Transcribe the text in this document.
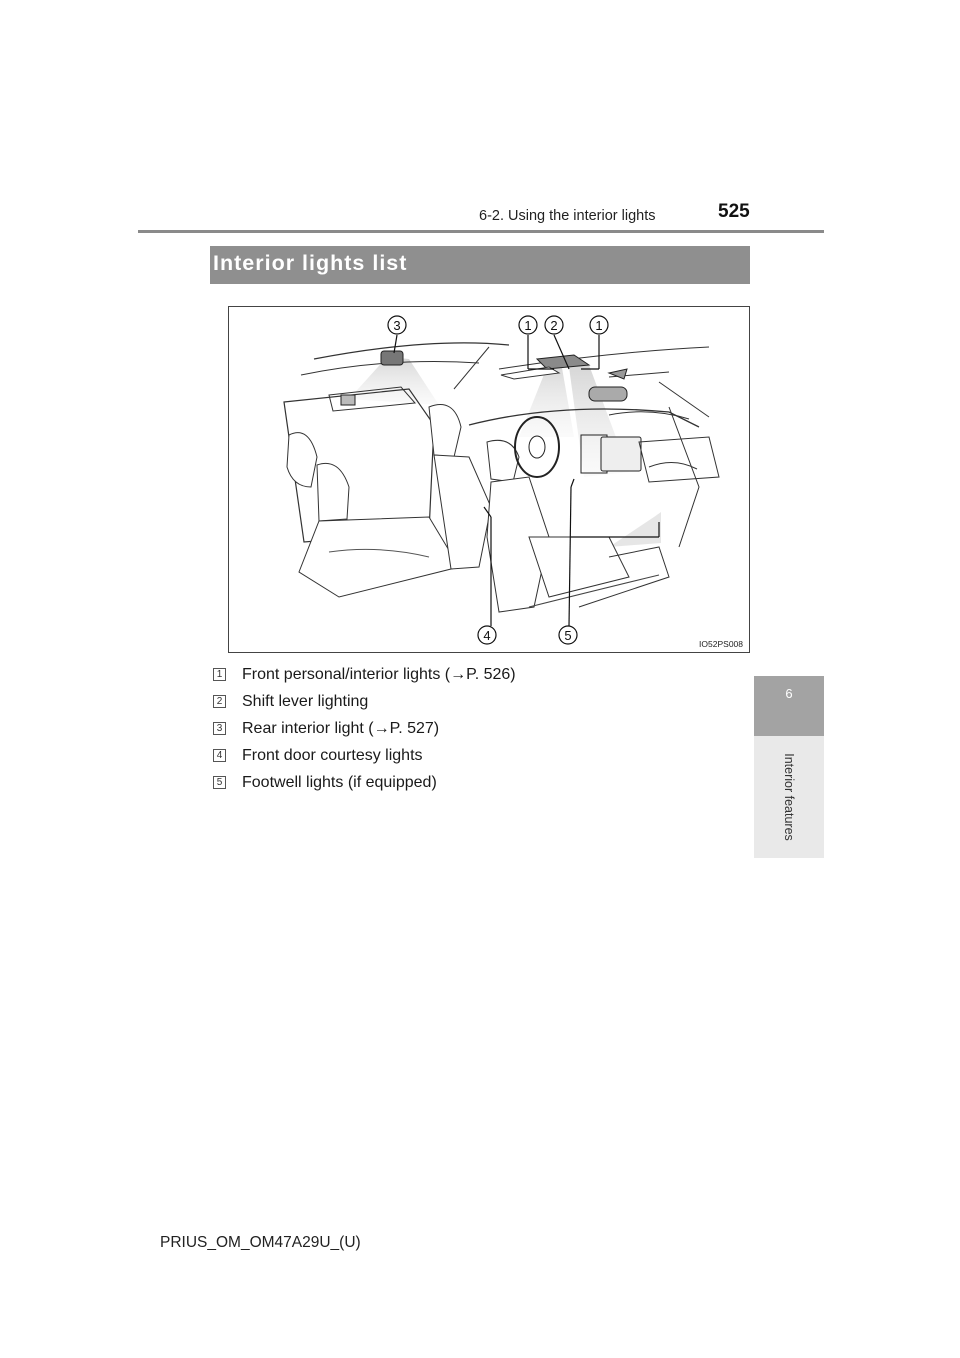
6-2. Using the interior lights	525
6
Interior features
Interior lights list
3	1 2	1
4	5
IO52PS008
1 Front personal/interior lights (→P. 526)
2 Shift lever lighting
3 Rear interior light (→P. 527)
4 Front door courtesy lights
5 Footwell lights (if equipped)
PRIUS_OM_OM47A29U_(U)
